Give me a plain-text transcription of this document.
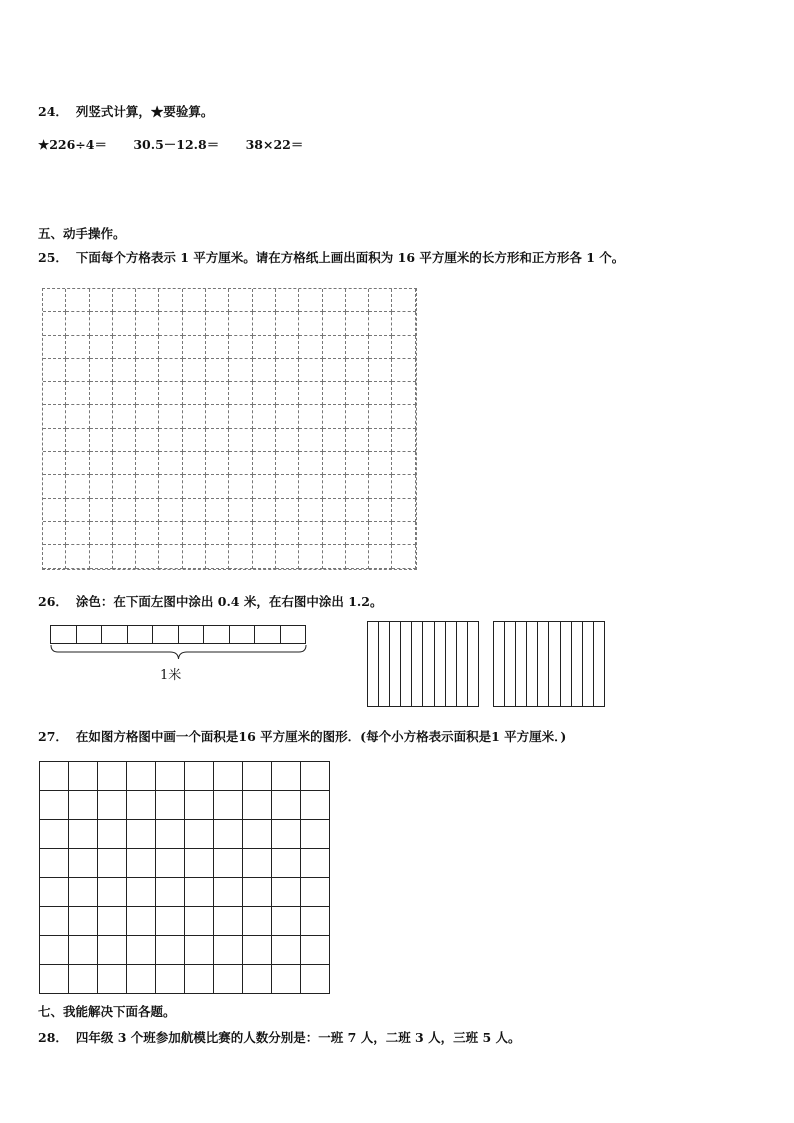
24． 列竖式计算，★要验算。
★226÷4＝ 30.5－12.8＝ 38×22＝
五、动手操作。
25． 下面每个方格表示 1 平方厘米。请在方格纸上画出面积为 16 平方厘米的长方形和正方形各 1 个。
26． 涂色：在下面左图中涂出 0.4 米，在右图中涂出 1.2。
1米
27． 在如图方格图中画一个面积是16 平方厘米的图形．(每个小方格表示面积是1 平方厘米．)
七、我能解决下面各题。
28． 四年级 3 个班参加航模比赛的人数分别是：一班 7 人，二班 3 人，三班 5 人。
